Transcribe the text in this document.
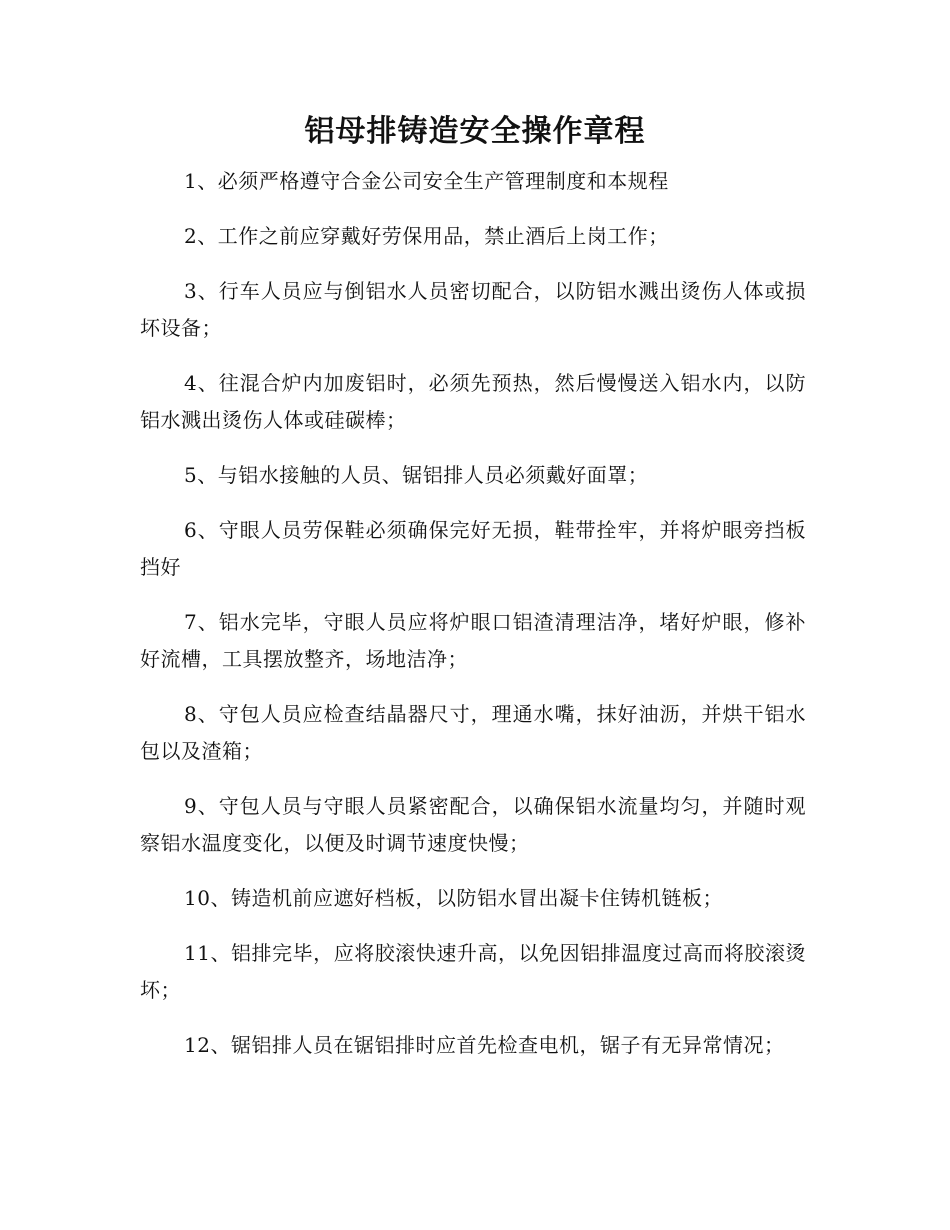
铝母排铸造安全操作章程

1、必须严格遵守合金公司安全生产管理制度和本规程

2、工作之前应穿戴好劳保用品，禁止酒后上岗工作；

3、行车人员应与倒铝水人员密切配合，以防铝水溅出烫伤人体或损坏设备；

4、往混合炉内加废铝时，必须先预热，然后慢慢送入铝水内，以防铝水溅出烫伤人体或硅碳棒；

5、与铝水接触的人员、锯铝排人员必须戴好面罩；

6、守眼人员劳保鞋必须确保完好无损，鞋带拴牢，并将炉眼旁挡板挡好

7、铝水完毕，守眼人员应将炉眼口铝渣清理洁净，堵好炉眼，修补好流槽，工具摆放整齐，场地洁净；

8、守包人员应检查结晶器尺寸，理通水嘴，抹好油沥，并烘干铝水包以及渣箱；

9、守包人员与守眼人员紧密配合，以确保铝水流量均匀，并随时观察铝水温度变化，以便及时调节速度快慢；

10、铸造机前应遮好档板，以防铝水冒出凝卡住铸机链板；

11、铝排完毕，应将胶滚快速升高，以免因铝排温度过高而将胶滚烫坏；

12、锯铝排人员在锯铝排时应首先检查电机，锯子有无异常情况；
